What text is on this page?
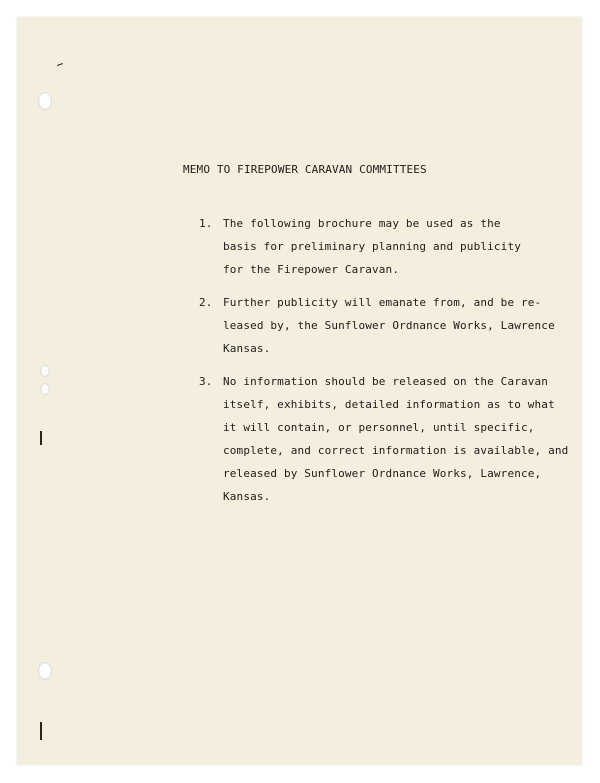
MEMO TO FIREPOWER CARAVAN COMMITTEES
1. The following brochure may be used as the
basis for preliminary planning and publicity
for the Firepower Caravan.
2. Further publicity will emanate from, and be re-
leased by, the Sunflower Ordnance Works, Lawrence
Kansas.
3. No information should be released on the Caravan
itself, exhibits, detailed information as to what
it will contain, or personnel, until specific,
complete, and correct information is available, and
released by Sunflower Ordnance Works, Lawrence,
Kansas.
